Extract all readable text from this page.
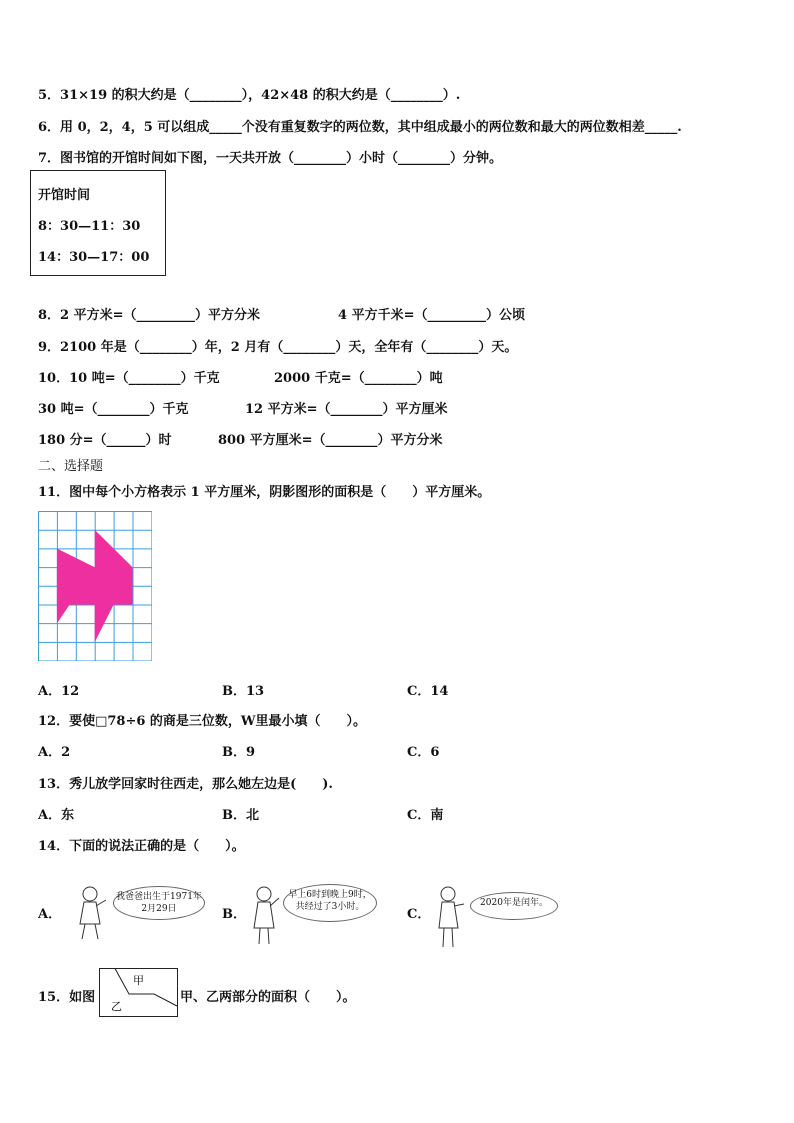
5．31×19 的积大约是（________），42×48 的积大约是（________）.
6．用 0，2，4，5 可以组成_____个没有重复数字的两位数，其中组成最小的两位数和最大的两位数相差_____.
7．图书馆的开馆时间如下图，一天共开放（________）小时（________）分钟。
开馆时间
8：30—11：30
14：30—17：00
8．2 平方米=（_________）平方分米	4 平方千米=（_________）公顷
9．2100 年是（________）年，2 月有（________）天，全年有（________）天。
10．10 吨=（________）千克	2000 千克=（________）吨
30 吨=（________）千克	12 平方米=（________）平方厘米
180 分=（______）时	800 平方厘米=（________）平方分米
二、选择题
11．图中每个小方格表示 1 平方厘米，阴影图形的面积是（　　）平方厘米。
A．12	B．13	C．14
12．要使□78÷6 的商是三位数，W里最小填（　　）。
A．2	B．9	C．6
13．秀儿放学回家时往西走，那么她左边是(　　).
A．东	B．北	C．南
14．下面的说法正确的是（　　）。
A．
我爸爸出生于1971年2月29日	B．
早上6时到晚上9时，共经过了3小时。	C．
2020年是闰年。
15．如图
甲
乙
甲、乙两部分的面积（　　）。
